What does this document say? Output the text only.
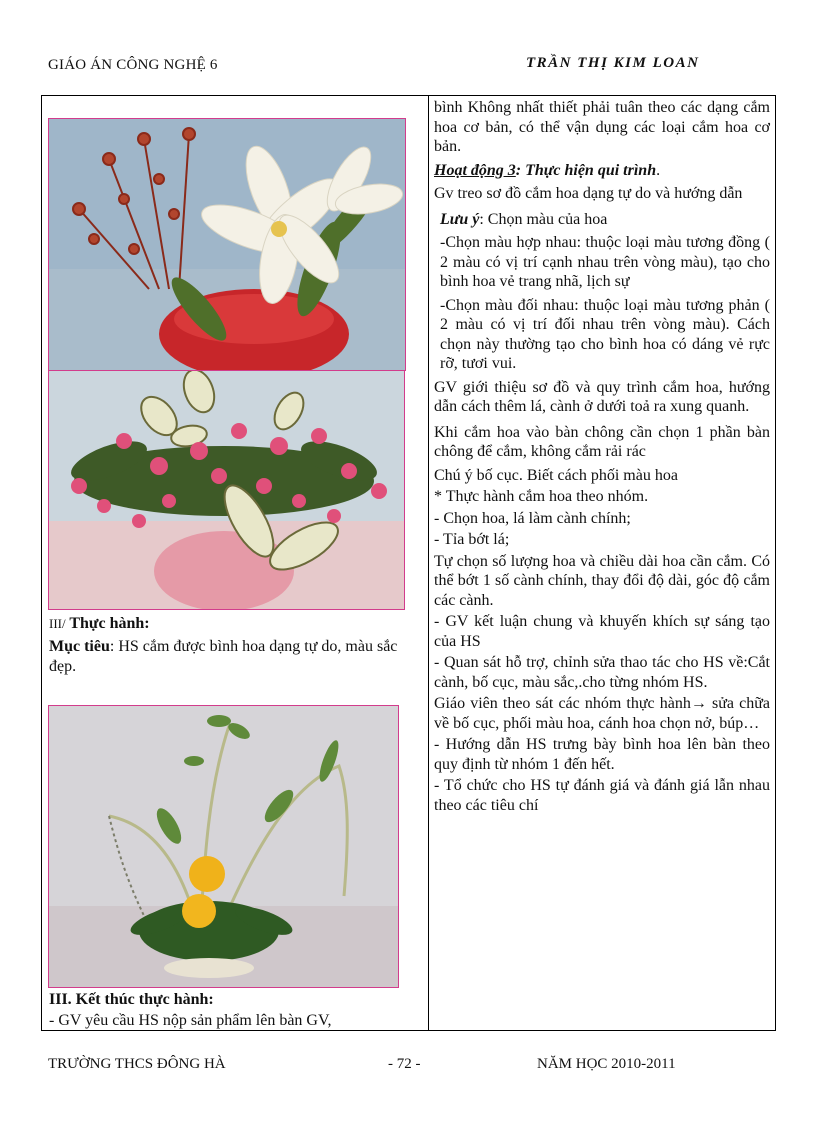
GIÁO ÁN CÔNG NGHỆ 6	TRẦN THỊ KIM LOAN
III/ Thực hành:
Mục tiêu: HS cắm được bình hoa dạng tự do, màu sắc đẹp.
III. Kết thúc thực hành:
- GV yêu cầu HS nộp sản phẩm lên bàn GV,

bình Không nhất thiết phải tuân theo các dạng cắm hoa cơ bản, có thể vận dụng các loại cắm hoa cơ bản.

Hoạt động 3: Thực hiện qui trình.

Gv treo sơ đồ cắm hoa dạng tự do và hướng dẫn

Lưu ý: Chọn màu của hoa

-Chọn màu hợp nhau: thuộc loại màu tương đồng ( 2 màu có vị trí cạnh nhau trên vòng màu), tạo cho bình hoa vẻ trang nhã, lịch sự

-Chọn màu đối nhau: thuộc loại màu tương phản ( 2 màu có vị trí đối nhau trên vòng màu). Cách chọn này thường tạo cho bình hoa có dáng vẻ rực rỡ, tươi vui.

GV giới thiệu sơ đồ và quy trình cắm hoa, hướng dẫn cách thêm lá, cành ở dưới toả ra xung quanh.

Khi cắm hoa vào bàn chông cần chọn 1 phần bàn chông để cắm, không cắm rải rác

Chú ý bố cục. Biết cách phối màu hoa

* Thực hành cắm hoa theo nhóm.

- Chọn hoa, lá làm cành chính;

- Tỉa bớt lá;

Tự chọn số lượng hoa và chiều dài hoa cần cắm. Có thể bớt 1 số cành chính, thay đổi độ dài, góc độ cắm các cành.

- GV kết luận chung và khuyến khích sự sáng tạo của HS

- Quan sát hỗ trợ, chỉnh sửa thao tác cho HS về:Cắt cành, bố cục, màu sắc,.cho từng nhóm HS.

Giáo viên theo sát các nhóm thực hành→ sửa chữa về bố cục, phối màu hoa, cánh hoa chọn nở, búp…

- Hướng dẫn HS trưng bày bình hoa lên bàn theo quy định từ nhóm 1 đến hết.

- Tổ chức cho HS tự đánh giá và đánh giá lẫn nhau theo các tiêu chí

TRƯỜNG THCS ĐÔNG HÀ	- 72 -	NĂM HỌC 2010-2011
